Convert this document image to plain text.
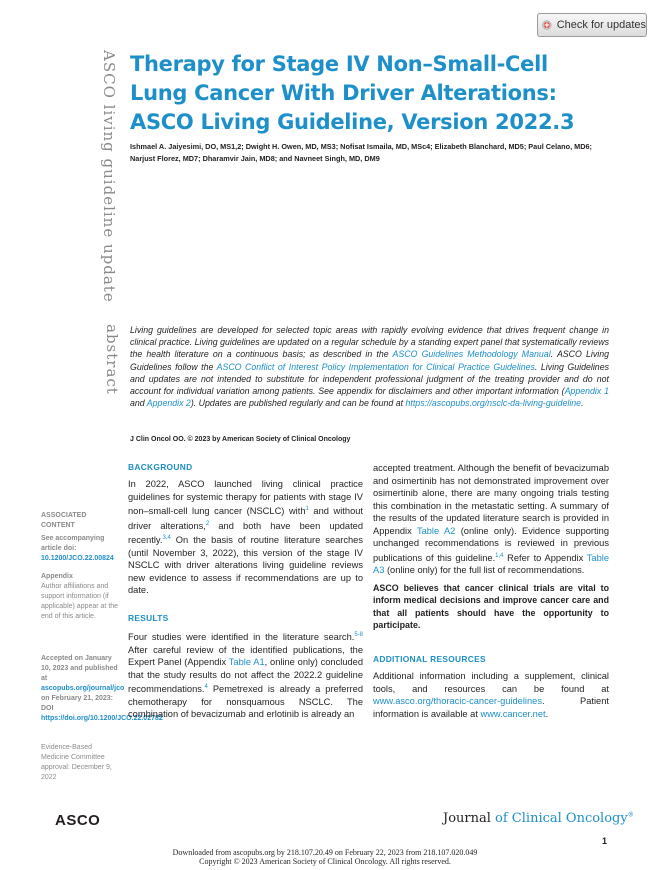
Check for updates
ASCO living guideline update
abstract
Therapy for Stage IV Non–Small-Cell Lung Cancer With Driver Alterations: ASCO Living Guideline, Version 2022.3
Ishmael A. Jaiyesimi, DO, MS1,2; Dwight H. Owen, MD, MS3; Nofisat Ismaila, MD, MSc4; Elizabeth Blanchard, MD5; Paul Celano, MD6; Narjust Florez, MD7; Dharamvir Jain, MD8; and Navneet Singh, MD, DM9
Living guidelines are developed for selected topic areas with rapidly evolving evidence that drives frequent change in clinical practice. Living guidelines are updated on a regular schedule by a standing expert panel that systematically reviews the health literature on a continuous basis; as described in the ASCO Guidelines Methodology Manual. ASCO Living Guidelines follow the ASCO Conflict of Interest Policy Implementation for Clinical Practice Guidelines. Living Guidelines and updates are not intended to substitute for independent professional judgment of the treating provider and do not account for individual variation among patients. See appendix for disclaimers and other important information (Appendix 1 and Appendix 2). Updates are published regularly and can be found at https://ascopubs.org/nsclc-da-living-guideline.
J Clin Oncol OO. © 2023 by American Society of Clinical Oncology
ASSOCIATED CONTENT
See accompanying article doi: 10.1200/JCO.22.00824
Appendix
Author affiliations and support information (if applicable) appear at the end of this article.
Accepted on January 10, 2023 and published at ascopubs.org/journal/jco on February 21, 2023: DOI https://doi.org/10.1200/JCO.22.02782
Evidence-Based Medicine Committee approval: December 9, 2022
BACKGROUND
In 2022, ASCO launched living clinical practice guidelines for systemic therapy for patients with stage IV non–small-cell lung cancer (NSCLC) with$^1$ and without driver alterations,$^2$ and both have been updated recently.$^{3,4}$ On the basis of routine literature searches (until November 3, 2022), this version of the stage IV NSCLC with driver alterations living guideline reviews new evidence to assess if recommendations are up to date.
RESULTS
Four studies were identified in the literature search.$^{5-8}$ After careful review of the identified publications, the Expert Panel (Appendix Table A1, online only) concluded that the study results do not affect the 2022.2 guideline recommendations.$^4$ Pemetrexed is already a preferred chemotherapy for nonsquamous NSCLC. The combination of bevacizumab and erlotinib is already an
accepted treatment. Although the benefit of bevacizumab and osimertinib has not demonstrated improvement over osimertinib alone, there are many ongoing trials testing this combination in the metastatic setting. A summary of the results of the updated literature search is provided in Appendix Table A2 (online only). Evidence supporting unchanged recommendations is reviewed in previous publications of this guideline.$^{1,4}$ Refer to Appendix Table A3 (online only) for the full list of recommendations.
ASCO believes that cancer clinical trials are vital to inform medical decisions and improve cancer care and that all patients should have the opportunity to participate.
ADDITIONAL RESOURCES
Additional information including a supplement, clinical tools, and resources can be found at www.asco.org/thoracic-cancer-guidelines. Patient information is available at www.cancer.net.
ASCO	Journal of Clinical Oncology®
1
Downloaded from ascopubs.org by 218.107.20.49 on February 22, 2023 from 218.107.020.049
Copyright © 2023 American Society of Clinical Oncology. All rights reserved.
